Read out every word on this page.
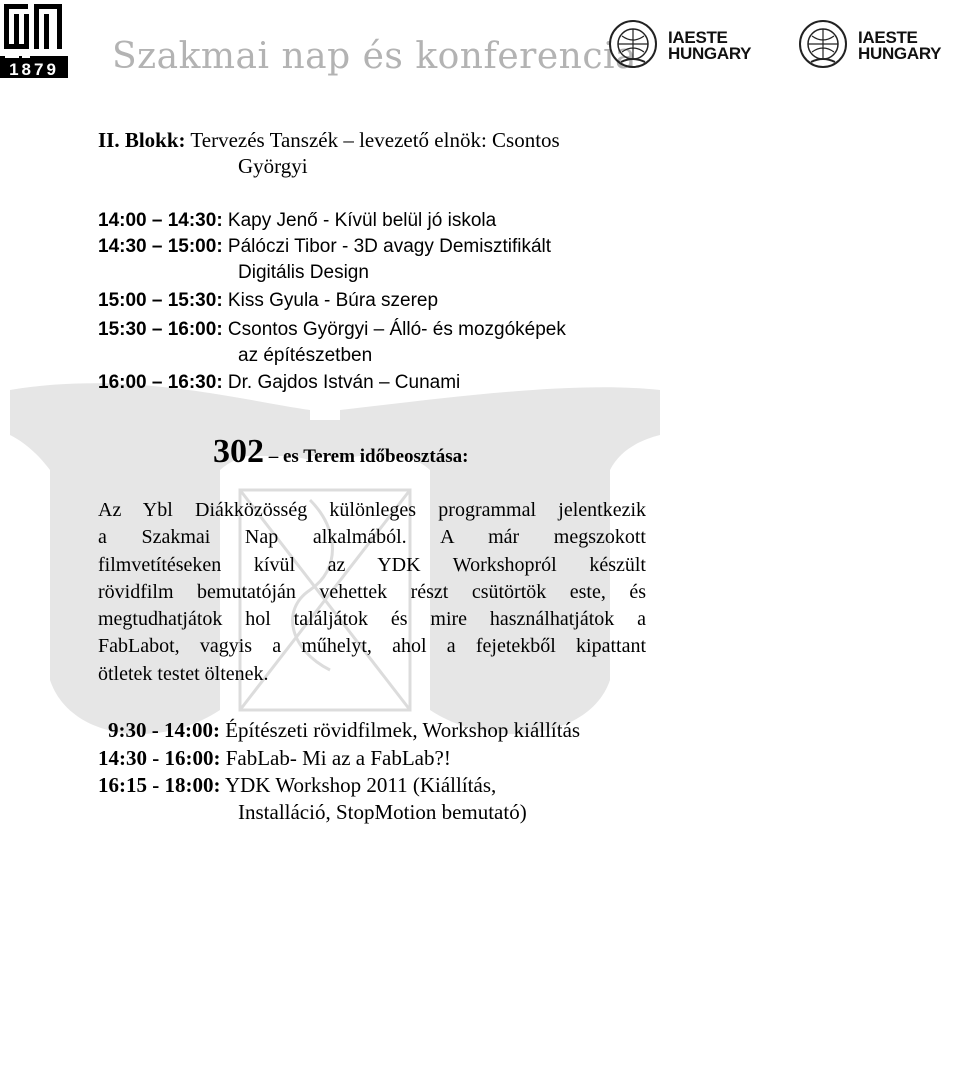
1879 Szakmai nap és konferencia IAESTE
HUNGARY
IAESTE
HUNGARY
II. Blokk: Tervezés Tanszék – levezető elnök: Csontos
Györgyi
14:00 – 14:30: Kapy Jenő - Kívül belül jó iskola
14:30 – 15:00: Pálóczi Tibor - 3D avagy Demisztifikált
Digitális Design
15:00 – 15:30: Kiss Gyula - Búra szerep
15:30 – 16:00: Csontos Györgyi – Álló- és mozgóképek
az építészetben
16:00 – 16:30: Dr. Gajdos István – Cunami
302 – es Terem időbeosztása:
Az Ybl Diákközösség különleges programmal jelentkezik
a Szakmai Nap alkalmából. A már megszokott
filmvetítéseken kívül az YDK Workshopról készült
rövidfilm bemutatóján vehettek részt csütörtök este, és
megtudhatjátok hol találjátok és mire használhatjátok a
FabLabot, vagyis a műhelyt, ahol a fejetekből kipattant
ötletek testet öltenek.
9:30 - 14:00: Építészeti rövidfilmek, Workshop kiállítás
14:30 - 16:00: FabLab- Mi az a FabLab?!
16:15 - 18:00: YDK Workshop 2011 (Kiállítás,
Installáció, StopMotion bemutató)
